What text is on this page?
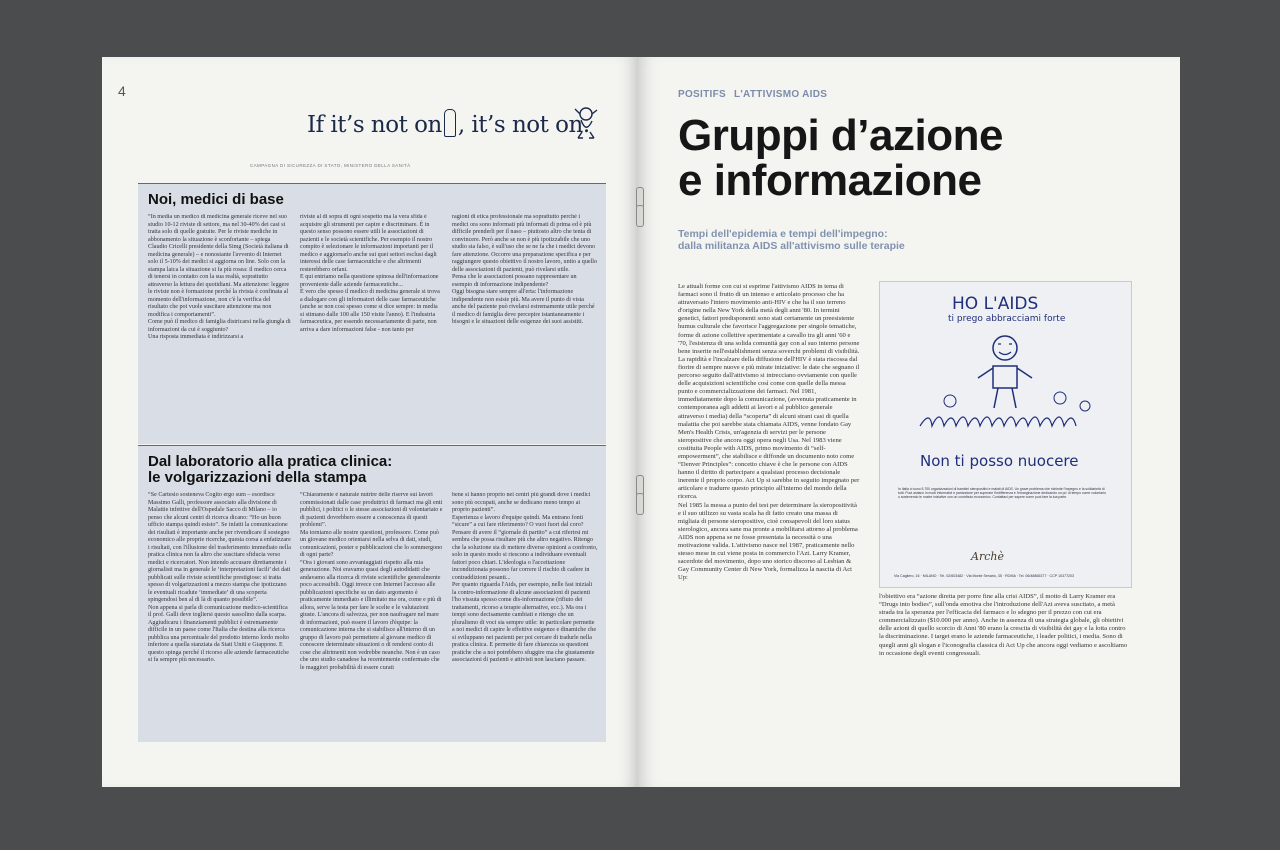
4
If it’s not on , it’s not on.
CAMPAGNA DI SICUREZZA DI STATO, MINISTERO DELLA SANITÀ
Noi, medici di base
“In media un medico di medicina generale riceve nel suo studio 10-12 riviste di settore, ma nel 30-40% dei casi si tratta solo di quelle gratuite. Per le riviste mediche in abbonamento la situazione è sconfortante – spiega Claudio Cricelli presidente della Simg (Società italiana di medicina generale) – e nonostante l'avvento di Internet solo il 5-10% dei medici si aggiorna on line. Solo con la stampa laica la situazione si fa più rosea: il medico cerca di tenersi in contatto con la sua realtà, soprattutto attraverso la lettura dei quotidiani. Ma attenzione: leggere le riviste non è formazione perché la rivista è confinata al momento dell'informazione, non c'è la verifica del risultato che poi vuole suscitare attenzione ma non modifica i comportamenti”.
Come può il medico di famiglia districarsi nella giungla di informazioni da cui è soggiunto?
Una risposta immediata è indirizzarsi a
riviste al di sopra di ogni sospetto ma la vera sfida è acquisire gli strumenti per capire e discriminare. È in questo senso possono essere utili le associazioni di pazienti e le società scientifiche. Per esempio il nostro compito è selezionare le informazioni importanti per il medico e aggiornarlo anche sui quei settori esclusi dagli interessi delle case farmaceutiche e che altrimenti resterebbero orfani.
E qui entriamo nella questione spinosa dell'informazione proveniente dalle aziende farmaceutiche...
È vero che spesso il medico di medicina generale si trova a dialogare con gli informatori delle case farmaceutiche (anche se non così spesso come si dice sempre: in media si stimano dalle 100 alle 150 visite l'anno). E l'industria farmaceutica, per essendo necessariamente di parte, non arriva a dare informazioni false - non tanto per
ragioni di etica professionale ma soprattutto perché i medici ora sono informati più informati di prima ed è più difficile prenderli per il naso – piuttosto altro che tenta di convincere. Però anche se non è più ipotizzabile che uno studio sia falso, è sull'uso che se ne fa che i medici devono fare attenzione. Occorre una preparazione specifica e per raggiungere questo obiettivo il nostro lavoro, unito a quello delle associazioni di pazienti, può rivelarsi utile.
Pensa che le associazioni possano rappresentare un esempio di informazione indipendente?
Oggi bisogna stare sempre all'erta: l'informazione indipendente non esiste più. Ma avere il punto di vista anche del paziente può rivelarsi estremamente utile perché il medico di famiglia deve percepire istantaneamente i bisogni e le situazioni delle esigenze dei suoi assistiti.
Dal laboratorio alla pratica clinica:
le volgarizzazioni della stampa
“Se Cartesio sosteneva Cogito ergo sum – esordisce Massimo Galli, professore associato alla divisione di Malattie infettive dell'Ospedale Sacco di Milano – io penso che alcuni centri di ricerca dicano: “Ho un buon ufficio stampa quindi esisto”. Se infatti la comunicazione dei risultati è importante anche per rivendicare il sostegno economico alle proprie ricerche, questa corsa a enfatizzare i risultati, con l'illusione del trasferimento immediato nella pratica clinica non fa altro che suscitare sfiducia verso medici e ricercatori. Non intendo accusare direttamente i giornalisti ma in generale le ‘interpretazioni facili’ dei dati pubblicati sulle riviste scientifiche prestigiose: si tratta spesso di volgarizzazioni a mezzo stampa che ipotizzano le eventuali ricadute ‘immediate’ di una scoperta spingendosi ben al di là di quanto possibile”.
Non appena si parla di comunicazione medico-scientifica il prof. Galli deve togliersi questo sassolino dalla scarpa. Aggiudicaru i finanziamenti pubblici è estremamente difficile in un paese come l'Italia che destina alla ricerca pubblica una percentuale del prodotto interno lordo molto inferiore a quella stanziata da Stati Uniti e Giappone. E questo spinga perché il ricorso alle aziende farmaceutiche si fa sempre più necessario.
“Chiaramente è naturale nutrire delle riserve sui lavori commissionati dalle case produttrici di farmaci ma gli enti pubblici, i politici o le stesse associazioni di volontariato e di pazienti dovrebbero essere a conoscenza di questi problemi”.
Ma torniamo alle nostre questioni, professore. Come può un giovane medico orientarsi nella selva di dati, studi, comunicazioni, poster e pubblicazioni che lo sommergono di ogni parte?
“Ora i giovani sono avvantaggiati rispetto alla mia generazione. Noi eravamo quasi degli autodidatti che andavamo alla ricerca di riviste scientifiche generalmente poco accessibili. Oggi invece con Internet l'accesso alle pubblicazioni specifiche su un dato argomento è praticamente immediato e illimitato ma ora, come e più di allora, serve la testa per fare le scelte e le valutazioni giuste. L'ancora di salvezza, per non naufragare nel mare di informazioni, può essere il lavoro d'équipe: la comunicazione interna che si stabilisce all'interno di un gruppo di lavoro può permettere al giovane medico di conoscere determinate situazioni o di rendersi conto di cose che altrimenti non vedrebbe neanche. Non è un caso che uno studio canadese ha recentemente confermato che le maggiori probabilità di essere curati
bene si hanno proprio nei centri più grandi dove i medici sono più occupati, anche se dedicano meno tempo ai proprio pazienti”.
Esperienza e lavoro d'equipe quindi. Ma entrano fonti “sicure” a cui fare riferimento? O vuoi fuori dal coro?
Pensare di avere il “giornale di partito” a cui riferirsi mi sembra che possa risultare più che altro negativo. Ritengo che la soluzione sia di mettere diverse opinioni a confronto, solo in questo modo si riescono a individuare eventuali fattori poco chiari. L'ideologia o l'accettazione incondizionata possono far correre il rischio di cadere in contraddizioni pesanti...
Per quanto riguarda l'Aids, per esempio, nelle fasi iniziali la contro-informazione di alcune associazioni di pazienti l'ho vissuta spesso come dis-informazione (rifiuto dei trattamenti, ricorso a terapie alternative, ecc.). Ma ora i tempi sono decisamente cambiati e ritengo che un pluralismo di voci sia sempre utile: in particolare permette a noi medici di capire le effettive esigenze e dinamiche che si sviluppano nei pazienti per poi cercare di tradurle nella pratica clinica. E permette di fare chiarezza su questioni pratiche che a noi potrebbero sfuggire ma che giustamente associazioni di pazienti e attivisti non lasciano passare.
POSITIFS L'ATTIVISMO AIDS
Gruppi d’azione
e informazione

Tempi dell'epidemia e tempi dell'impegno:
dalla militanza AIDS all'attivismo sulle terapie

Le attuali forme con cui si esprime l'attivismo AIDS in tema di farmaci sono il frutto di un intenso e articolato processo che ha attraversato l'intero movimento anti-HIV e che ha il suo terreno d'origine nella New York della metà degli anni '80. In termini genetici, fattori predisponenti sono stati certamente un preesistente humus culturale che favorisce l'aggregazione per singole tematiche, forme di azione collettive sperimentate a cavallo tra gli anni '60 e '70, l'esistenza di una solida comunità gay con al suo interno persone bene inserite nell'establishment senza soverchi problemi di visibilità.
La rapidità e l'incalzare della diffusione dell'HIV è stata riscossa dal fiorire di sempre nuove e più mirate iniziative: le date che segnano il percorso seguito dall'attivismo si intrecciano ovviamente con quelle delle acquisizioni scientifiche così come con quelle della messa punto e commercializzazione dei farmaci. Nel 1981, immediatamente dopo la comunicazione, (avvenuta praticamente in contemporanea agli addetti ai lavori e al pubblico generale attraverso i media) della “scoperta” di alcuni strani casi di quella malattia che poi sarebbe stata chiamata AIDS, venne fondato Gay Men's Health Crisis, un'agenzia di servizi per le persone sieropositive che ancora oggi opera negli Usa. Nel 1983 viene costituita People with AIDS, primo movimento di “self-empowerment”, che stabilisce e diffonde un documento noto come “Denver Principles”: concetto chiave è che le persone con AIDS hanno il diritto di partecipare a qualsiasi processo decisionale inerente il proprio corpo. Act Up si sarebbe in seguito impegnato per articolare e tradurre questo principio all'interno del mondo della ricerca.
Nel 1985 la messa a punto del test per determinare la sieropositività e il suo utilizzo su vasta scala ha di fatto creato una massa di migliaia di persone sieropositive, cioè consapevoli del loro status sierologico, ancora sane ma pronte a mobilitarsi attorno al problema AIDS non appena se ne fosse presentata la necessità o una motivazione valida. L'attivismo nasce nel 1987, praticamente nello stesso mese in cui viene posta in commercio l'Azt. Larry Kramer, sacerdote del movimento, dopo uno storico discorso al Lesbian & Gay Community Center di New York, formalizza la nascita di Act Up:
HO L'AIDS
ti prego abbracciami forte
Non ti posso nuocere
In Italia ci sono 5.700 organizzazioni di bambini sieropositivi e malati di AIDS. Un grave problema che richiede l'impegno e la solidarietà di tutti. Puoi aiutarci in modi informativi e parlandone per superare l'indifferenza e l'emarginazione dedicando un po' di tempo come volontario o sostenendo le nostre iniziative con un contributo economico. Contattaci per sapere come puoi fare la tua parte.
Archè
Via Cagliero, 16 · MILANO · Tel. 02/603482 · Via Monte Senario, 35 · ROMA · Tel. 06/48865377 · CCP 10377203
l'obiettivo era “azione diretta per porre fine alla crisi AIDS”, il motto di Larry Kramer era “Drugs into bodies”, sull'onda emotiva che l'introduzione dell'Azt aveva suscitato, a metà strada tra la speranza per l'efficacia del farmaco e lo sdegno per il prezzo con cui era commercializzato ($10.000 per anno). Anche in assenza di una strategia globale, gli obiettivi delle azioni di quello scorcio di Anni '80 erano la crescita di visibilità dei gay e la lotta contro la discriminazione. I target erano le aziende farmaceutiche, i leader politici, i media. Sono di quegli anni gli slogan e l'iconografia classica di Act Up che ancora oggi vediamo e ascoltiamo in occasione degli eventi congressuali.
